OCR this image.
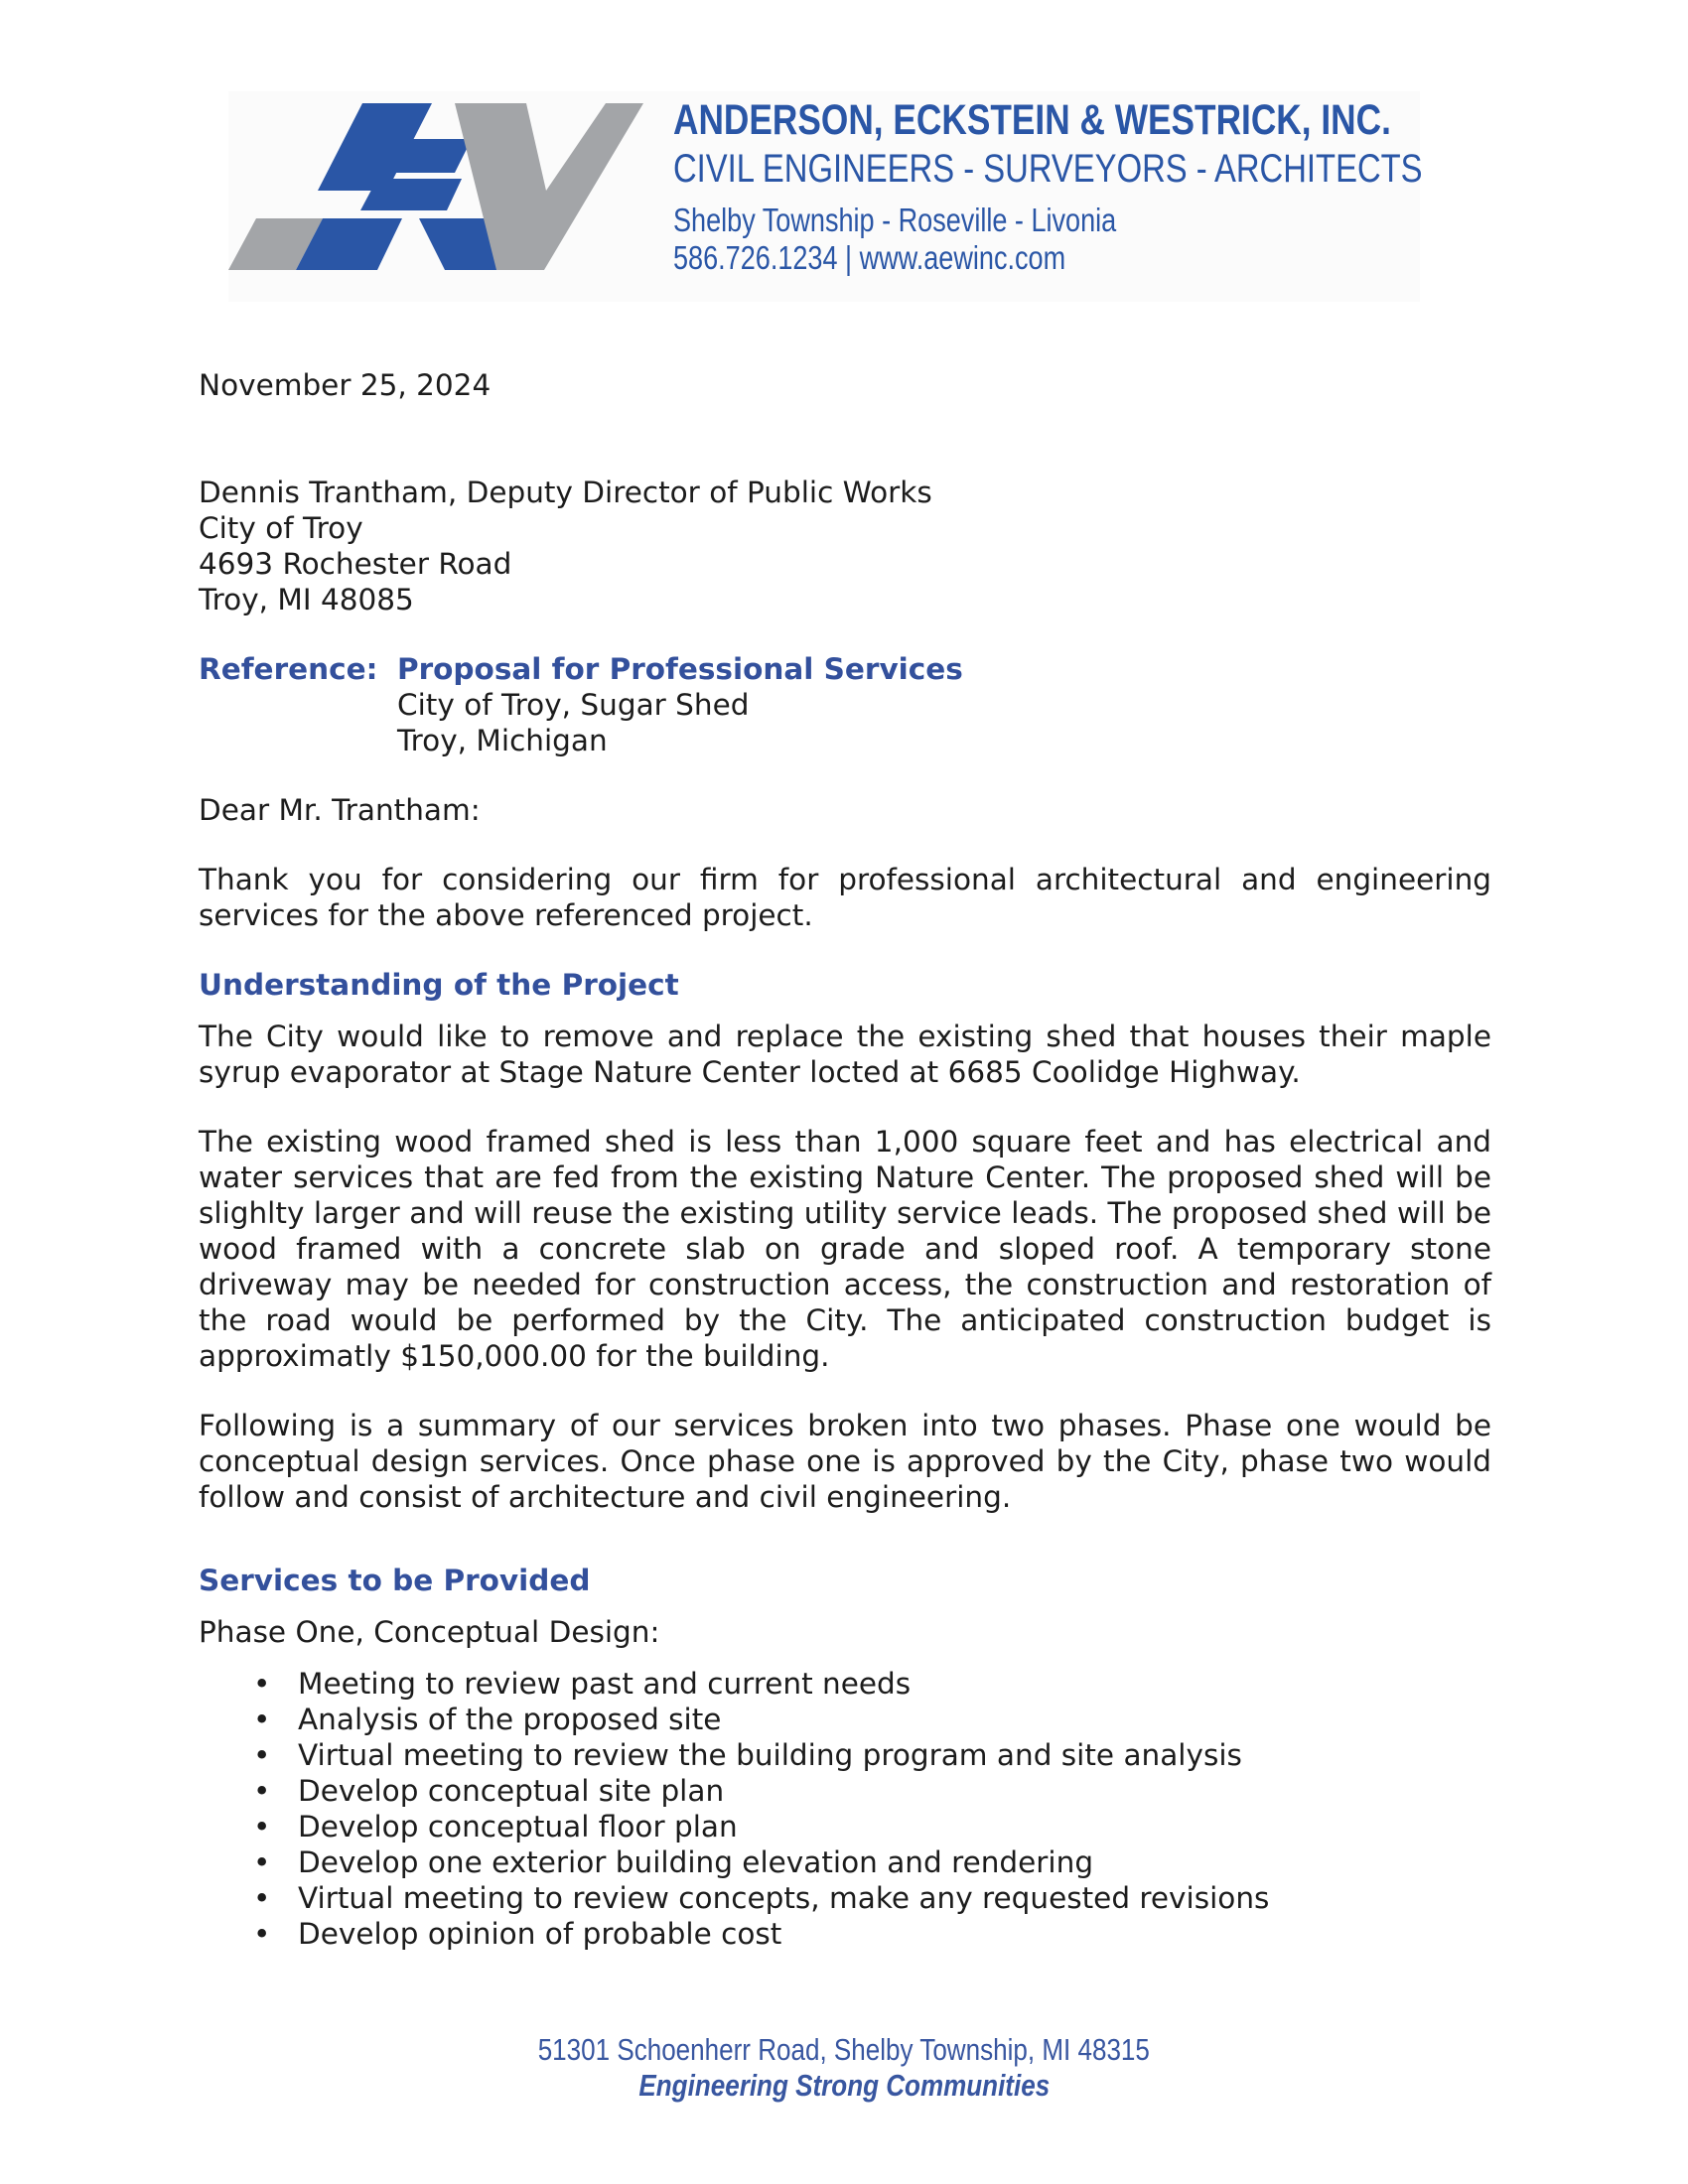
ANDERSON, ECKSTEIN & WESTRICK, INC.
CIVIL ENGINEERS - SURVEYORS - ARCHITECTS
Shelby Township - Roseville - Livonia
586.726.1234 | www.aewinc.com
November 25, 2024
Dennis Trantham, Deputy Director of Public Works
City of Troy
4693 Rochester Road
Troy, MI 48085
Reference: Proposal for Professional Services
City of Troy, Sugar Shed
Troy, Michigan
Dear Mr. Trantham:

Thank you for considering our firm for professional architectural and engineering services for the above referenced project.

Understanding of the Project

The City would like to remove and replace the existing shed that houses their maple syrup evaporator at Stage Nature Center locted at 6685 Coolidge Highway.

The existing wood framed shed is less than 1,000 square feet and has electrical and water services that are fed from the existing Nature Center. The proposed shed will be slighlty larger and will reuse the existing utility service leads. The proposed shed will be wood framed with a concrete slab on grade and sloped roof. A temporary stone driveway may be needed for construction access, the construction and restoration of the road would be performed by the City. The anticipated construction budget is approximatly $150,000.00 for the building.

Following is a summary of our services broken into two phases. Phase one would be conceptual design services. Once phase one is approved by the City, phase two would follow and consist of architecture and civil engineering.

Services to be Provided
Phase One, Conceptual Design:
• Meeting to review past and current needs
• Analysis of the proposed site
• Virtual meeting to review the building program and site analysis
• Develop conceptual site plan
• Develop conceptual floor plan
• Develop one exterior building elevation and rendering
• Virtual meeting to review concepts, make any requested revisions
• Develop opinion of probable cost
51301 Schoenherr Road, Shelby Township, MI 48315
Engineering Strong Communities
